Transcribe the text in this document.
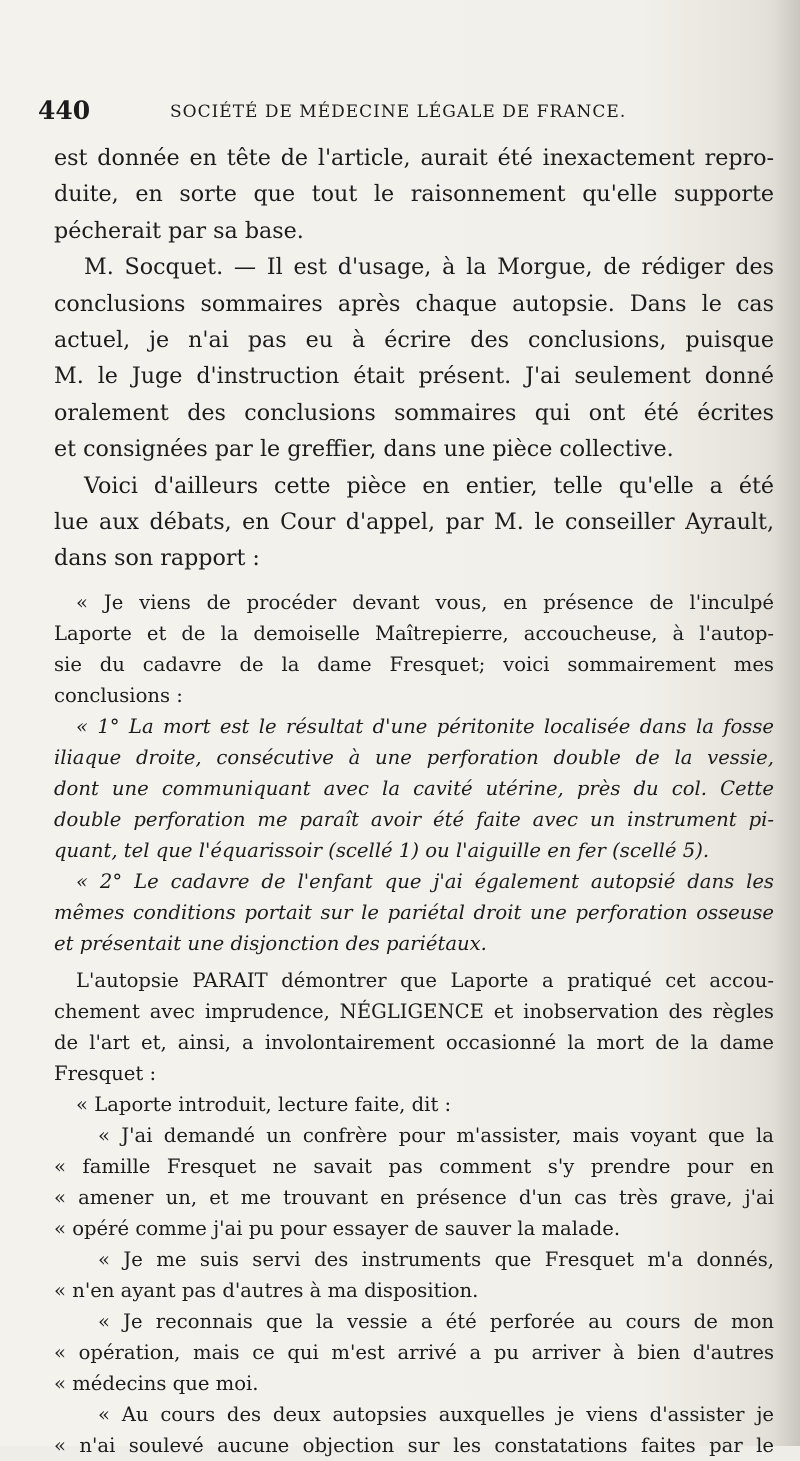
440	SOCIÉTÉ DE MÉDECINE LÉGALE DE FRANCE.
est donnée en tête de l'article, aurait été inexactement repro-
duite, en sorte que tout le raisonnement qu'elle supporte
pécherait par sa base.
M. Socquet. — Il est d'usage, à la Morgue, de rédiger des
conclusions sommaires après chaque autopsie. Dans le cas
actuel, je n'ai pas eu à écrire des conclusions, puisque
M. le Juge d'instruction était présent. J'ai seulement donné
oralement des conclusions sommaires qui ont été écrites
et consignées par le greffier, dans une pièce collective.
Voici d'ailleurs cette pièce en entier, telle qu'elle a été
lue aux débats, en Cour d'appel, par M. le conseiller Ayrault,
dans son rapport :
« Je viens de procéder devant vous, en présence de l'inculpé
Laporte et de la demoiselle Maîtrepierre, accoucheuse, à l'autop-
sie du cadavre de la dame Fresquet; voici sommairement mes
conclusions :
« 1° La mort est le résultat d'une péritonite localisée dans la fosse
iliaque droite, consécutive à une perforation double de la vessie,
dont une communiquant avec la cavité utérine, près du col. Cette
double perforation me paraît avoir été faite avec un instrument pi-
quant, tel que l'équarissoir (scellé 1) ou l'aiguille en fer (scellé 5).
« 2° Le cadavre de l'enfant que j'ai également autopsié dans les
mêmes conditions portait sur le pariétal droit une perforation osseuse
et présentait une disjonction des pariétaux.
L'autopsie PARAIT démontrer que Laporte a pratiqué cet accou-
chement avec imprudence, NÉGLIGENCE et inobservation des règles
de l'art et, ainsi, a involontairement occasionné la mort de la dame
Fresquet :
« Laporte introduit, lecture faite, dit :
« J'ai demandé un confrère pour m'assister, mais voyant que la
« famille Fresquet ne savait pas comment s'y prendre pour en
« amener un, et me trouvant en présence d'un cas très grave, j'ai
« opéré comme j'ai pu pour essayer de sauver la malade.
« Je me suis servi des instruments que Fresquet m'a donnés,
« n'en ayant pas d'autres à ma disposition.
« Je reconnais que la vessie a été perforée au cours de mon
« opération, mais ce qui m'est arrivé a pu arriver à bien d'autres
« médecins que moi.
« Au cours des deux autopsies auxquelles je viens d'assister je
« n'ai soulevé aucune objection sur les constatations faites par le
